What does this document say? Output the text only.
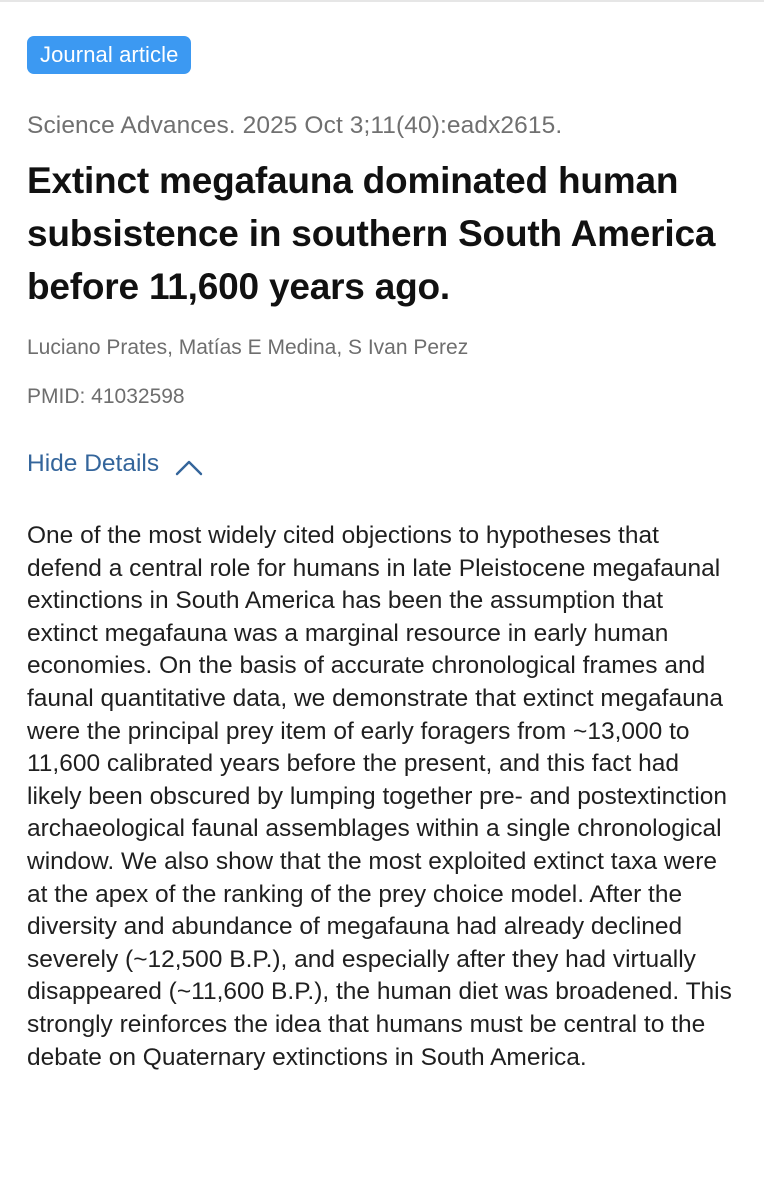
Journal article
Science Advances. 2025 Oct 3;11(40):eadx2615.
Extinct megafauna dominated human subsistence in southern South America before 11,600 years ago.
Luciano Prates, Matías E Medina, S Ivan Perez
PMID: 41032598
Hide Details
One of the most widely cited objections to hypotheses that defend a central role for humans in late Pleistocene megafaunal extinctions in South America has been the assumption that extinct megafauna was a marginal resource in early human economies. On the basis of accurate chronological frames and faunal quantitative data, we demonstrate that extinct megafauna were the principal prey item of early foragers from ~13,000 to 11,600 calibrated years before the present, and this fact had likely been obscured by lumping together pre- and postextinction archaeological faunal assemblages within a single chronological window. We also show that the most exploited extinct taxa were at the apex of the ranking of the prey choice model. After the diversity and abundance of megafauna had already declined severely (~12,500 B.P.), and especially after they had virtually disappeared (~11,600 B.P.), the human diet was broadened. This strongly reinforces the idea that humans must be central to the debate on Quaternary extinctions in South America.
